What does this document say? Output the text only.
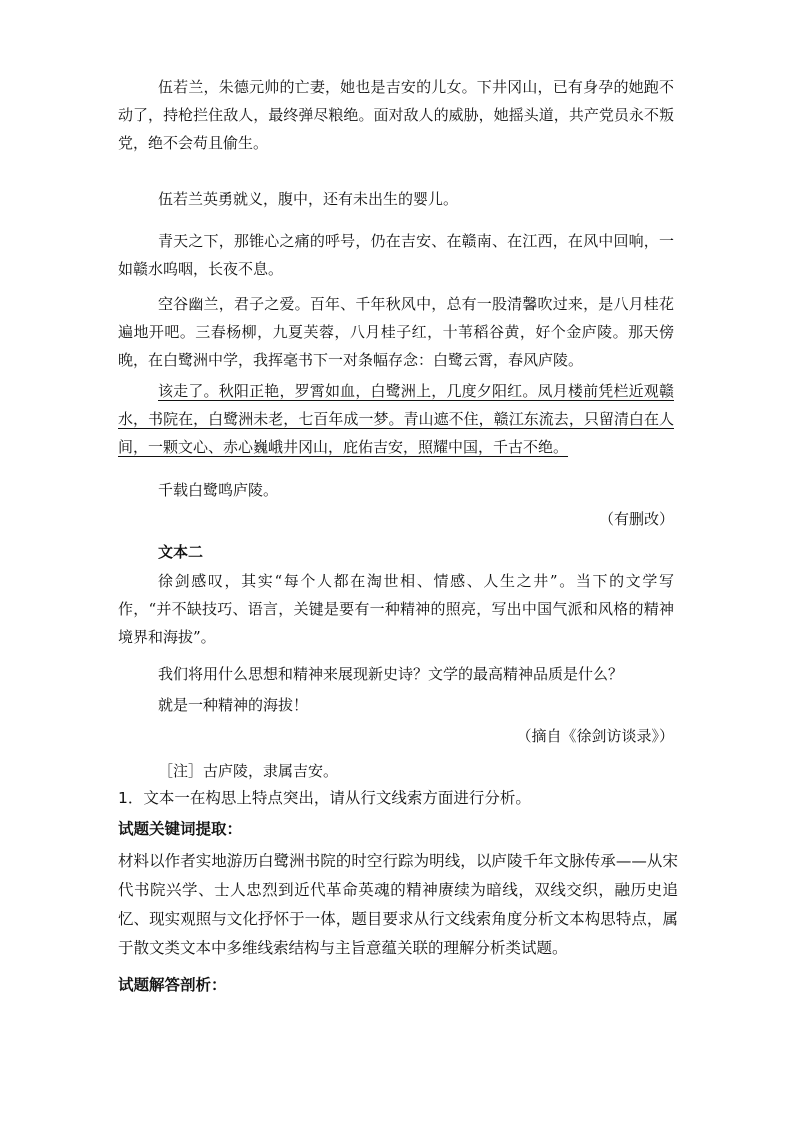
伍若兰，朱德元帅的亡妻，她也是吉安的儿女。下井冈山，已有身孕的她跑不动了，持枪拦住敌人，最终弹尽粮绝。面对敌人的威胁，她摇头道，共产党员永不叛党，绝不会苟且偷生。

伍若兰英勇就义，腹中，还有未出生的婴儿。

青天之下，那锥心之痛的呼号，仍在吉安、在赣南、在江西，在风中回响，一如赣水呜咽，长夜不息。

空谷幽兰，君子之爱。百年、千年秋风中，总有一股清馨吹过来，是八月桂花遍地开吧。三春杨柳，九夏芙蓉，八月桂子红，十苇稻谷黄，好个金庐陵。那天傍晚，在白鹭洲中学，我挥毫书下一对条幅存念：白鹭云霄，春风庐陵。

该走了。秋阳正艳，罗霄如血，白鹭洲上，几度夕阳红。凤月楼前凭栏近观赣水，书院在，白鹭洲未老，七百年成一梦。青山遮不住，赣江东流去，只留清白在人间，一颗文心、赤心巍峨井冈山，庇佑吉安，照耀中国，千古不绝。

千载白鹭鸣庐陵。

（有删改）

文本二

徐剑感叹，其实“每个人都在淘世相、情感、人生之井”。当下的文学写作，“并不缺技巧、语言，关键是要有一种精神的照亮，写出中国气派和风格的精神境界和海拔”。

我们将用什么思想和精神来展现新史诗？文学的最高精神品质是什么？

就是一种精神的海拔！

（摘自《徐剑访谈录》）

［注］古庐陵，隶属吉安。

1．文本一在构思上特点突出，请从行文线索方面进行分析。

试题关键词提取：

材料以作者实地游历白鹭洲书院的时空行踪为明线，以庐陵千年文脉传承——从宋代书院兴学、士人忠烈到近代革命英魂的精神赓续为暗线，双线交织，融历史追忆、现实观照与文化抒怀于一体，题目要求从行文线索角度分析文本构思特点，属于散文类文本中多维线索结构与主旨意蕴关联的理解分析类试题。

试题解答剖析：
